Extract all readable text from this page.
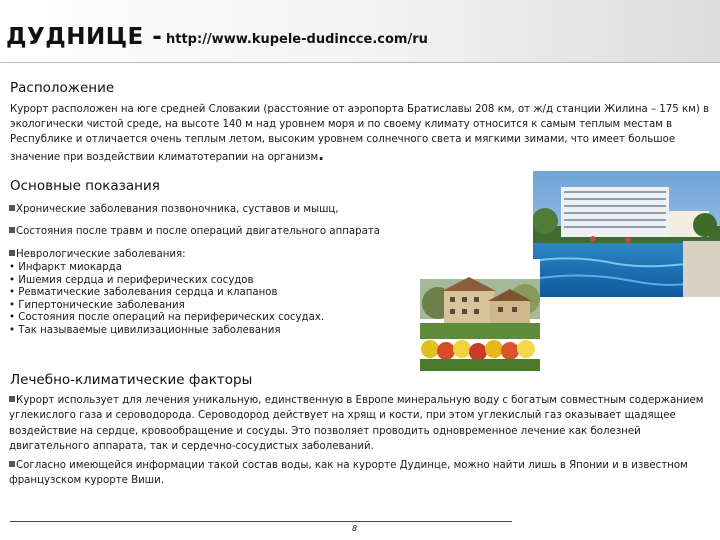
ДУДНИЦЕ - http://www.kupele-dudincce.com/ru
Расположение
Курорт расположен на юге средней Словакии (расстояние от аэропорта Братиславы 208 км, от ж/д станции Жилина – 175 км) в экологически чистой среде, на высоте 140 м над уровнем моря и по своему климату относится к самым теплым местам в Республике и отличается очень теплым летом, высоким уровнем солнечного света и мягкими зимами, что имеет большое значение при воздействии климатотерапии на организм.
Основные показания
Хронические заболевания позвоночника, суставов и мышц,
Состояния после травм и после операций двигательного аппарата
Неврологические заболевания:
• Инфаркт миокарда
• Ишемия сердца и периферических сосудов
• Ревматические заболевания сердца и клапанов
• Гипертонические заболевания
• Состояния после операций на периферических сосудах.
• Так называемые цивилизационные заболевания
Лечебно-климатические факторы
Курорт использует для лечения уникальную, единственную в Европе минеральную воду с богатым совместным содержанием углекислого газа и сероводорода. Сероводород действует на хрящ и кости, при этом углекислый газ оказывает щадящее воздействие на сердце, кровообращение и сосуды. Это позволяет проводить одновременное лечение как болезней двигательного аппарата, так и сердечно-сосудистых заболеваний.
Согласно имеющейся информации такой состав воды, как на курорте Дудинце, можно найти лишь в Японии и в известном французском курорте Виши.
8
